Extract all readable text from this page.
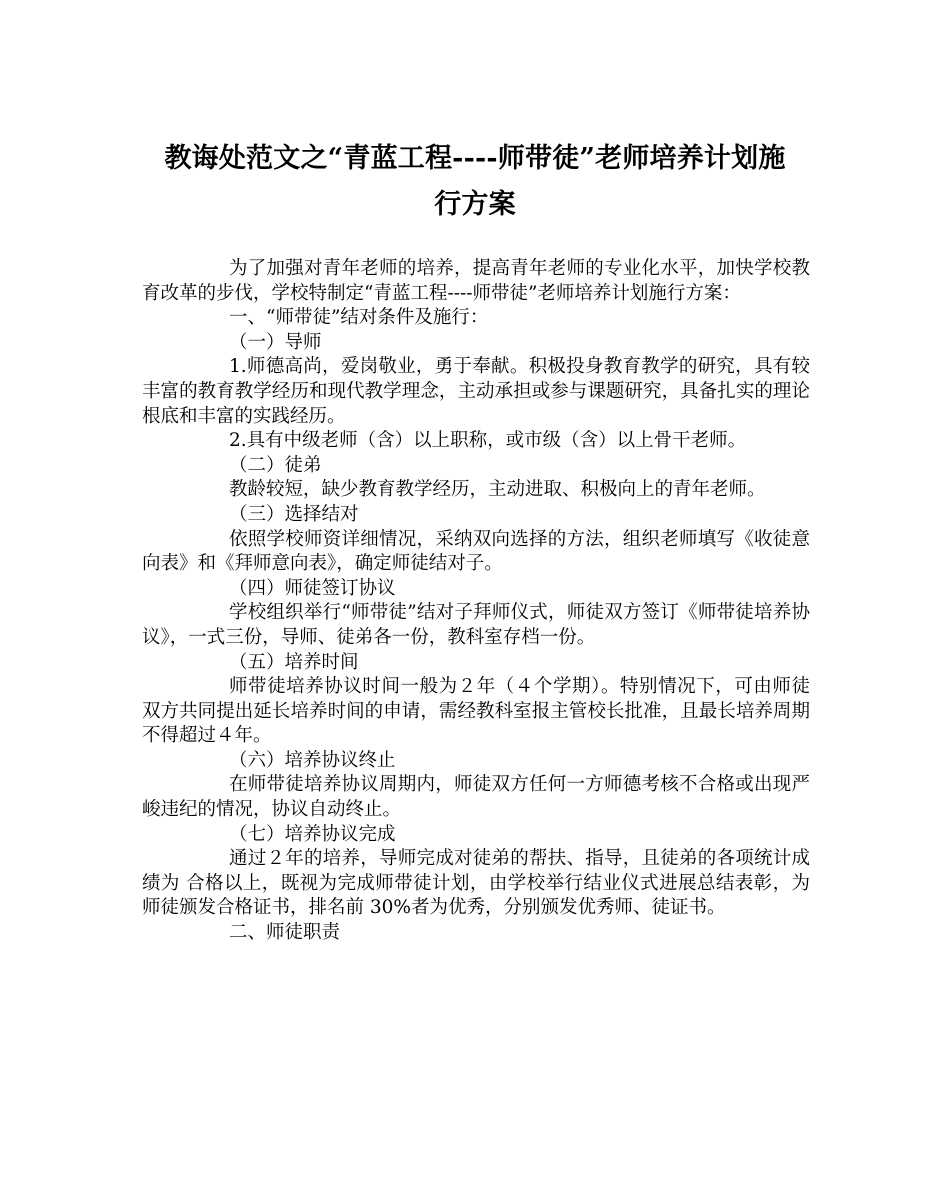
教诲处范文之“青蓝工程----师带徒”老师培养计划施
行方案

为了加强对青年老师的培养，提高青年老师的专业化水平，加快学校教育改革的步伐，学校特制定“青蓝工程----师带徒”老师培养计划施行方案：

一、“师带徒”结对条件及施行：

（一）导师

1.师德高尚，爱岗敬业，勇于奉献。积极投身教育教学的研究，具有较丰富的教育教学经历和现代教学理念，主动承担或参与课题研究，具备扎实的理论根底和丰富的实践经历。

2.具有中级老师（含）以上职称，或市级（含）以上骨干老师。

（二）徒弟

教龄较短，缺少教育教学经历，主动进取、积极向上的青年老师。

（三）选择结对

依照学校师资详细情况，采纳双向选择的方法，组织老师填写《收徒意向表》和《拜师意向表》，确定师徒结对子。

（四）师徒签订协议

学校组织举行“师带徒”结对子拜师仪式，师徒双方签订《师带徒培养协议》，一式三份，导师、徒弟各一份，教科室存档一份。

（五）培养时间

师带徒培养协议时间一般为２年（４个学期）。特别情况下，可由师徒双方共同提出延长培养时间的申请，需经教科室报主管校长批准，且最长培养周期不得超过４年。

（六）培养协议终止

在师带徒培养协议周期内，师徒双方任何一方师德考核不合格或出现严峻违纪的情况，协议自动终止。

（七）培养协议完成

通过２年的培养，导师完成对徒弟的帮扶、指导，且徒弟的各项统计成绩为 合格以上，既视为完成师带徒计划，由学校举行结业仪式进展总结表彰，为师徒颁发合格证书，排名前 30%者为优秀，分别颁发优秀师、徒证书。

二、师徒职责
